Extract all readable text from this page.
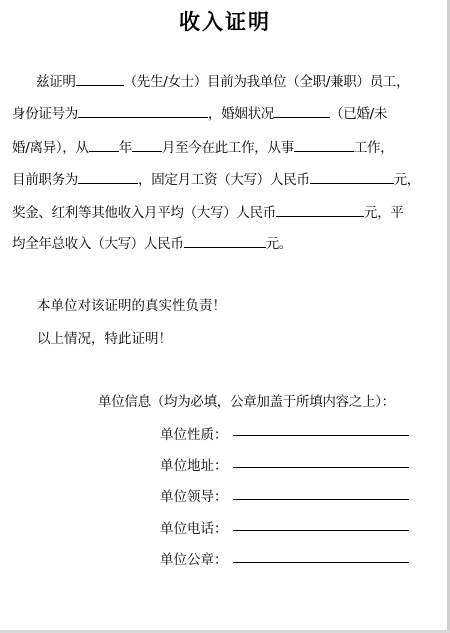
收入证明
兹证明	（先生/女士）目前为我单位（全职/兼职）员工，
身份证号为	，婚姻状况	（已婚/未
婚/离异），从 年 月至今在此工作，从事	工作，
目前职务为	，固定月工资（大写）人民币	元，
奖金、红利等其他收入月平均（大写）人民币	元，平
均全年总收入（大写）人民币	元。
本单位对该证明的真实性负责！
以上情况，特此证明！
单位信息（均为必填，公章加盖于所填内容之上）：
单位性质：
单位地址：
单位领导：
单位电话：
单位公章：
